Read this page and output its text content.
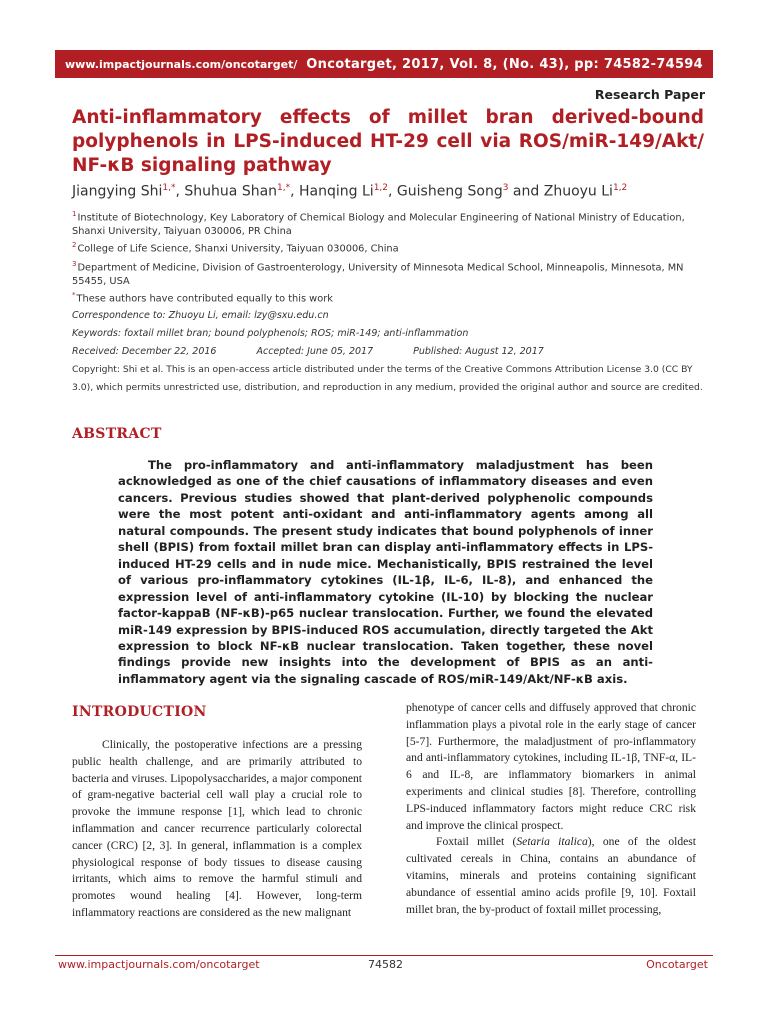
www.impactjournals.com/oncotarget/ Oncotarget, 2017, Vol. 8, (No. 43), pp: 74582-74594
Research Paper
Anti-inflammatory effects of millet bran derived-bound
polyphenols in LPS-induced HT-29 cell via ROS/miR-149/Akt/
NF-κB signaling pathway
Jiangying Shi$^{1,*}$, Shuhua Shan$^{1,*}$, Hanqing Li$^{1,2}$, Guisheng Song$^3$ and Zhuoyu Li$^{1,2}$
$^1$Institute of Biotechnology, Key Laboratory of Chemical Biology and Molecular Engineering of National Ministry of Education, Shanxi University, Taiyuan 030006, PR China
$^2$College of Life Science, Shanxi University, Taiyuan 030006, China
$^3$Department of Medicine, Division of Gastroenterology, University of Minnesota Medical School, Minneapolis, Minnesota, MN 55455, USA
*These authors have contributed equally to this work
Correspondence to: Zhuoyu Li, email: lzy@sxu.edu.cn
Keywords: foxtail millet bran; bound polyphenols; ROS; miR-149; anti-inflammation
Received: December 22, 2016	Accepted: June 05, 2017	Published: August 12, 2017
Copyright: Shi et al. This is an open-access article distributed under the terms of the Creative Commons Attribution License 3.0 (CC BY 3.0), which permits unrestricted use, distribution, and reproduction in any medium, provided the original author and source are credited.
ABSTRACT

The pro-inflammatory and anti-inflammatory maladjustment has been acknowledged as one of the chief causations of inflammatory diseases and even cancers. Previous studies showed that plant-derived polyphenolic compounds were the most potent anti-oxidant and anti-inflammatory agents among all natural compounds. The present study indicates that bound polyphenols of inner shell (BPIS) from foxtail millet bran can display anti-inflammatory effects in LPS-induced HT-29 cells and in nude mice. Mechanistically, BPIS restrained the level of various pro-inflammatory cytokines (IL-1β, IL-6, IL-8), and enhanced the expression level of anti-inflammatory cytokine (IL-10) by blocking the nuclear factor-kappaB (NF-κB)-p65 nuclear translocation. Further, we found the elevated miR-149 expression by BPIS-induced ROS accumulation, directly targeted the Akt expression to block NF-κB nuclear translocation. Taken together, these novel findings provide new insights into the development of BPIS as an anti-inflammatory agent via the signaling cascade of ROS/miR-149/Akt/NF-κB axis.

INTRODUCTION

Clinically, the postoperative infections are a pressing public health challenge, and are primarily attributed to bacteria and viruses. Lipopolysaccharides, a major component of gram-negative bacterial cell wall play a crucial role to provoke the immune response [1], which lead to chronic inflammation and cancer recurrence particularly colorectal cancer (CRC) [2, 3]. In general, inflammation is a complex physiological response of body tissues to disease causing irritants, which aims to remove the harmful stimuli and promotes wound healing [4]. However, long-term inflammatory reactions are considered as the new malignant

phenotype of cancer cells and diffusely approved that chronic inflammation plays a pivotal role in the early stage of cancer [5-7]. Furthermore, the maladjustment of pro-inflammatory and anti-inflammatory cytokines, including IL-1β, TNF-α, IL-6 and IL-8, are inflammatory biomarkers in animal experiments and clinical studies [8]. Therefore, controlling LPS-induced inflammatory factors might reduce CRC risk and improve the clinical prospect.

Foxtail millet (Setaria italica), one of the oldest cultivated cereals in China, contains an abundance of vitamins, minerals and proteins containing significant abundance of essential amino acids profile [9, 10]. Foxtail millet bran, the by-product of foxtail millet processing,

www.impactjournals.com/oncotarget	74582	Oncotarget
